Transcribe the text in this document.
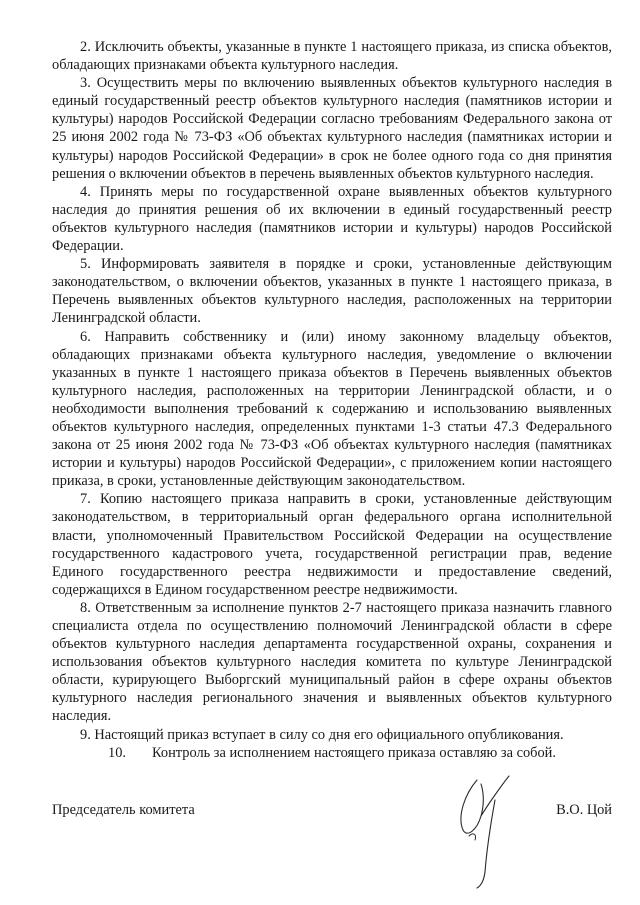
2. Исключить объекты, указанные в пункте 1 настоящего приказа, из списка объектов, обладающих признаками объекта культурного наследия.

3. Осуществить меры по включению выявленных объектов культурного наследия в единый государственный реестр объектов культурного наследия (памятников истории и культуры) народов Российской Федерации согласно требованиям Федерального закона от 25 июня 2002 года № 73-ФЗ «Об объектах культурного наследия (памятниках истории и культуры) народов Российской Федерации» в срок не более одного года со дня принятия решения о включении объектов в перечень выявленных объектов культурного наследия.

4. Принять меры по государственной охране выявленных объектов культурного наследия до принятия решения об их включении в единый государственный реестр объектов культурного наследия (памятников истории и культуры) народов Российской Федерации.

5. Информировать заявителя в порядке и сроки, установленные действующим законодательством, о включении объектов, указанных в пункте 1 настоящего приказа, в Перечень выявленных объектов культурного наследия, расположенных на территории Ленинградской области.

6. Направить собственнику и (или) иному законному владельцу объектов, обладающих признаками объекта культурного наследия, уведомление о включении указанных в пункте 1 настоящего приказа объектов в Перечень выявленных объектов культурного наследия, расположенных на территории Ленинградской области, и о необходимости выполнения требований к содержанию и использованию выявленных объектов культурного наследия, определенных пунктами 1-3 статьи 47.3 Федерального закона от 25 июня 2002 года № 73-ФЗ «Об объектах культурного наследия (памятниках истории и культуры) народов Российской Федерации», с приложением копии настоящего приказа, в сроки, установленные действующим законодательством.

7. Копию настоящего приказа направить в сроки, установленные действующим законодательством, в территориальный орган федерального органа исполнительной власти, уполномоченный Правительством Российской Федерации на осуществление государственного кадастрового учета, государственной регистрации прав, ведение Единого государственного реестра недвижимости и предоставление сведений, содержащихся в Едином государственном реестре недвижимости.

8. Ответственным за исполнение пунктов 2-7 настоящего приказа назначить главного специалиста отдела по осуществлению полномочий Ленинградской области в сфере объектов культурного наследия департамента государственной охраны, сохранения и использования объектов культурного наследия комитета по культуре Ленинградской области, курирующего Выборгский муниципальный район в сфере охраны объектов культурного наследия регионального значения и выявленных объектов культурного наследия.

9. Настоящий приказ вступает в силу со дня его официального опубликования.

10. Контроль за исполнением настоящего приказа оставляю за собой.

Председатель комитета	В.О. Цой
